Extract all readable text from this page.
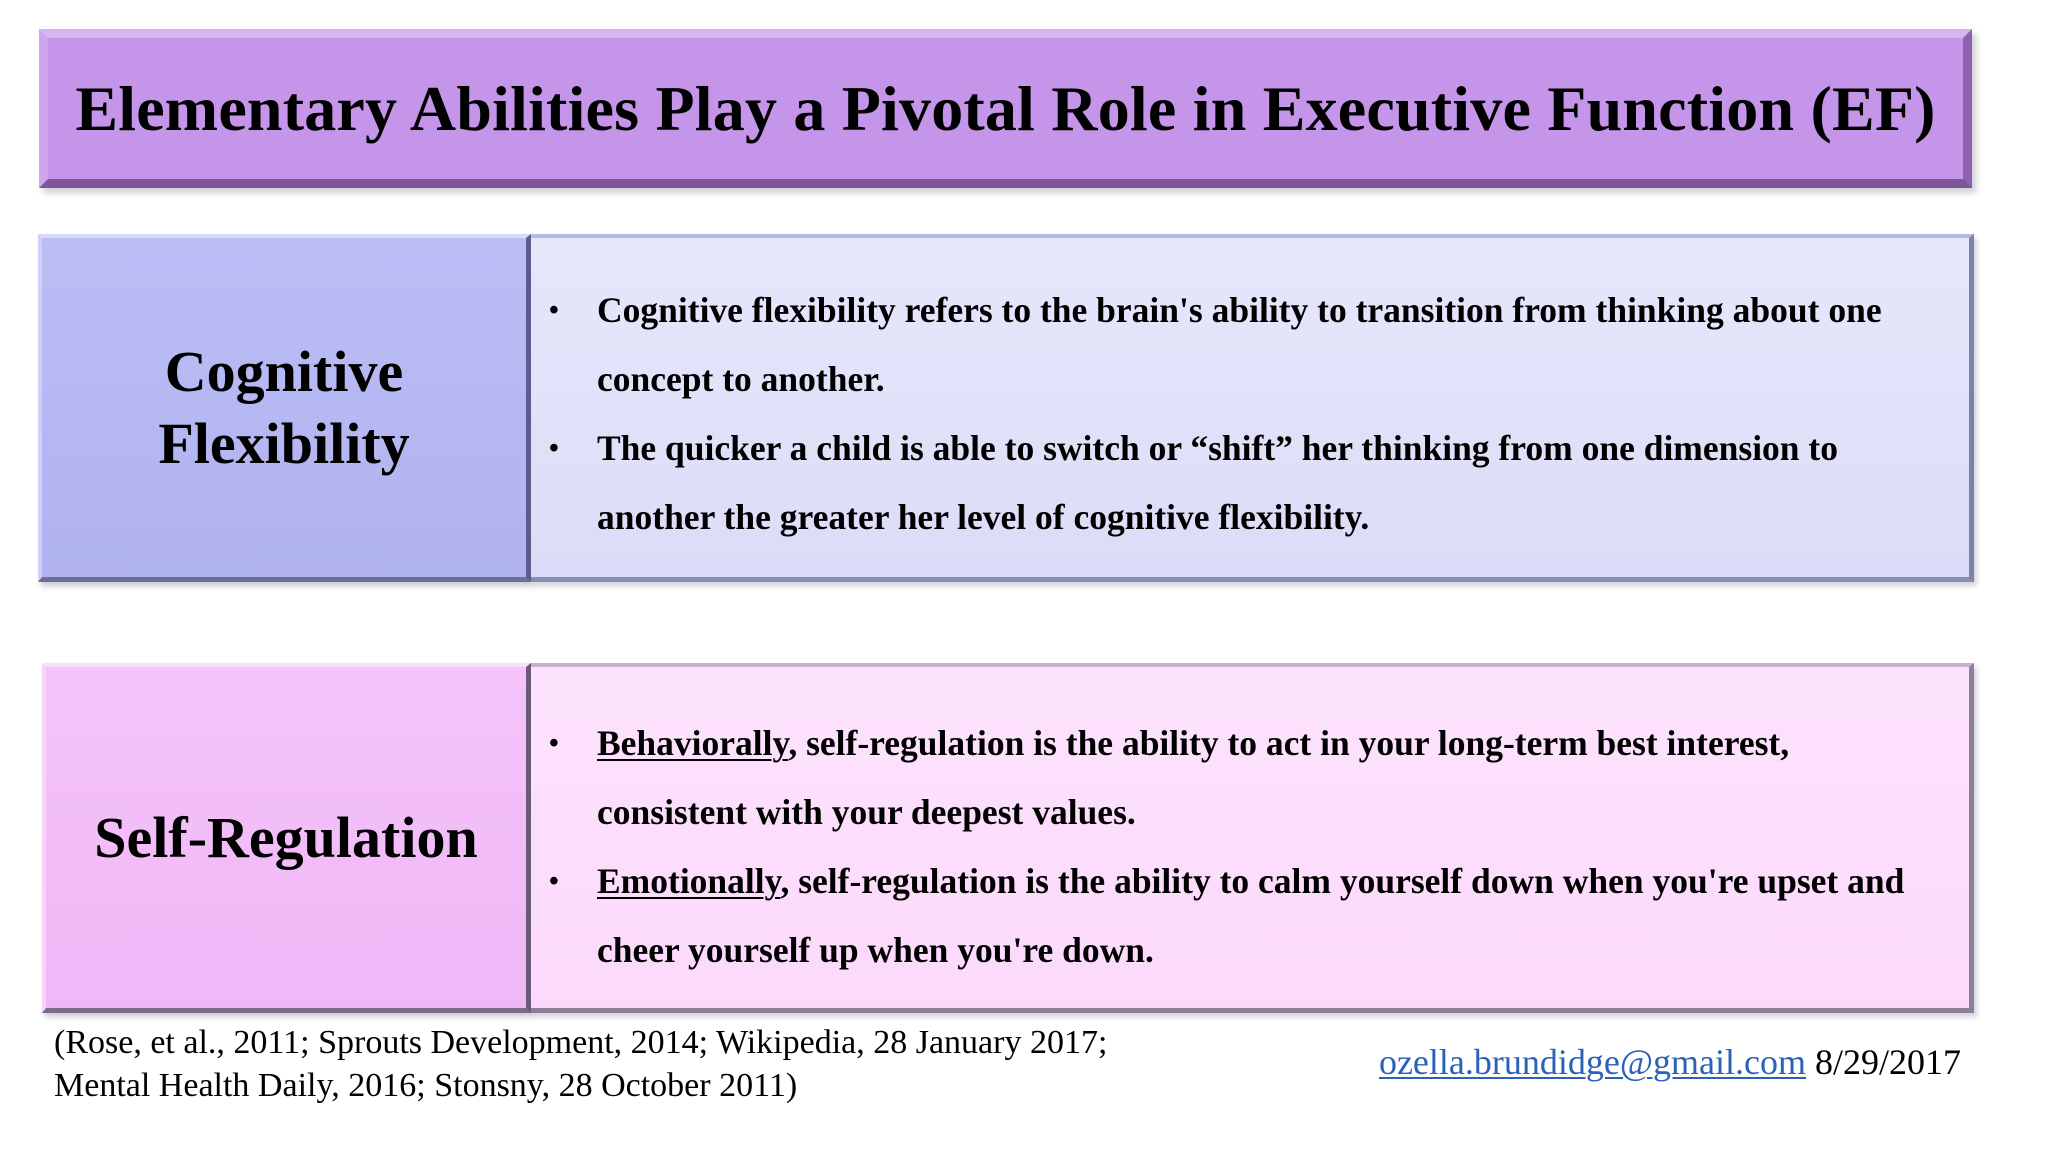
Elementary Abilities Play a Pivotal Role in Executive Function (EF)
Cognitive
Flexibility
•	Cognitive flexibility refers to the brain's ability to transition from thinking about one concept to another.
•	The quicker a child is able to switch or “shift” her thinking from one dimension to another the greater her level of cognitive flexibility.
Self-Regulation
•	Behaviorally, self-regulation is the ability to act in your long-term best interest, consistent with your deepest values.
•	Emotionally, self-regulation is the ability to calm yourself down when you're upset and cheer yourself up when you're down.
(Rose, et al., 2011; Sprouts Development, 2014; Wikipedia, 28 January 2017;
Mental Health Daily, 2016; Stonsny, 28 October 2011)
ozella.brundidge@gmail.com 8/29/2017
